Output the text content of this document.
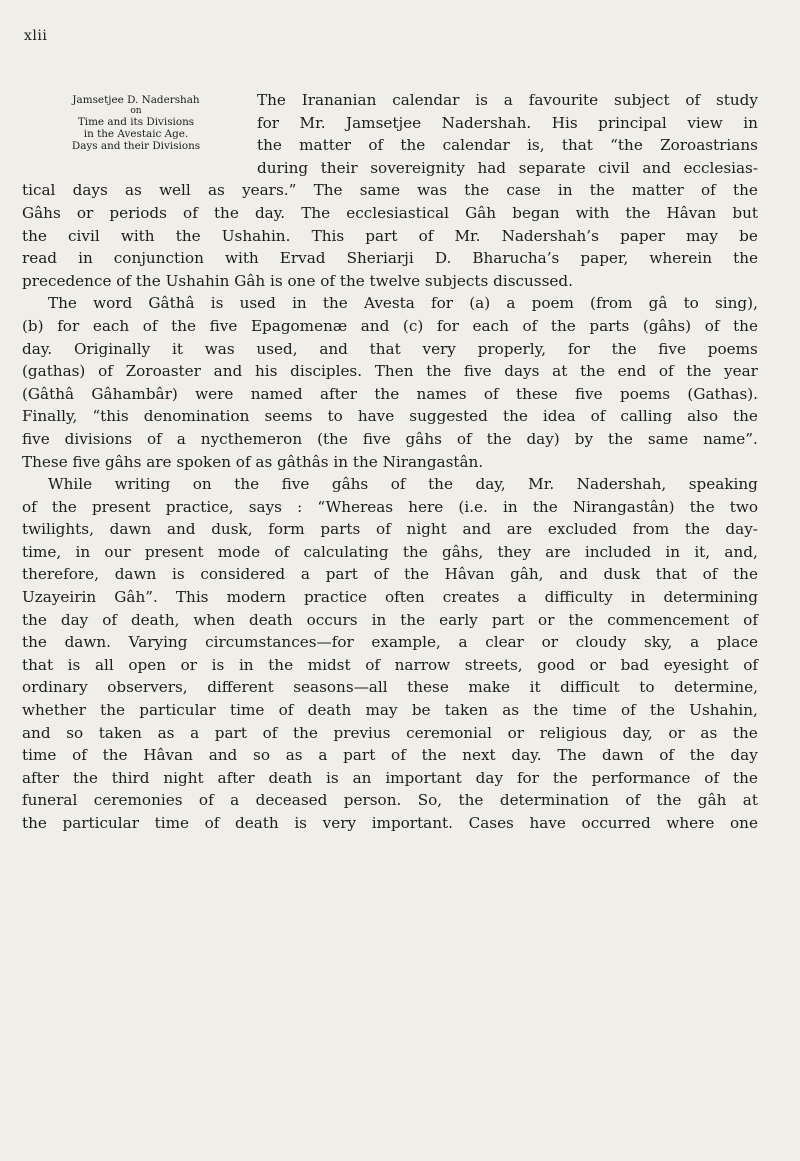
xlii
Jamsetjee D. Nadershah
on
Time and its Divisions
in the Avestaic Age.
Days and their Divisions
The Irananian calendar is a favourite subject of study
for Mr. Jamsetjee Nadershah. His principal view in
the matter of the calendar is, that “the Zoroastrians
during their sovereignity had separate civil and ecclesias-
tical days as well as years.” The same was the case in the matter of the
Gâhs or periods of the day. The ecclesiastical Gâh began with the Hâvan but
the civil with the Ushahin. This part of Mr. Nadershah’s paper may be
read in conjunction with Ervad Sheriarji D. Bharucha’s paper, wherein the
precedence of the Ushahin Gâh is one of the twelve subjects discussed.
The word Gâthâ is used in the Avesta for (a) a poem (from gâ to sing),
(b) for each of the five Epagomenæ and (c) for each of the parts (gâhs) of the
day. Originally it was used, and that very properly, for the five poems
(gathas) of Zoroaster and his disciples. Then the five days at the end of the year
(Gâthâ Gâhambâr) were named after the names of these five poems (Gathas).
Finally, “this denomination seems to have suggested the idea of calling also the
five divisions of a nycthemeron (the five gâhs of the day) by the same name”.
These five gâhs are spoken of as gâthâs in the Nirangastân.
While writing on the five gâhs of the day, Mr. Nadershah, speaking
of the present practice, says : “Whereas here (i.e. in the Nirangastân) the two
twilights, dawn and dusk, form parts of night and are excluded from the day-
time, in our present mode of calculating the gâhs, they are included in it, and,
therefore, dawn is considered a part of the Hâvan gâh, and dusk that of the
Uzayeirin Gâh”. This modern practice often creates a difficulty in determining
the day of death, when death occurs in the early part or the commencement of
the dawn. Varying circumstances—for example, a clear or cloudy sky, a place
that is all open or is in the midst of narrow streets, good or bad eyesight of
ordinary observers, different seasons—all these make it difficult to determine,
whether the particular time of death may be taken as the time of the Ushahin,
and so taken as a part of the previus ceremonial or religious day, or as the
time of the Hâvan and so as a part of the next day. The dawn of the day
after the third night after death is an important day for the performance of the
funeral ceremonies of a deceased person. So, the determination of the gâh at
the particular time of death is very important. Cases have occurred where one
